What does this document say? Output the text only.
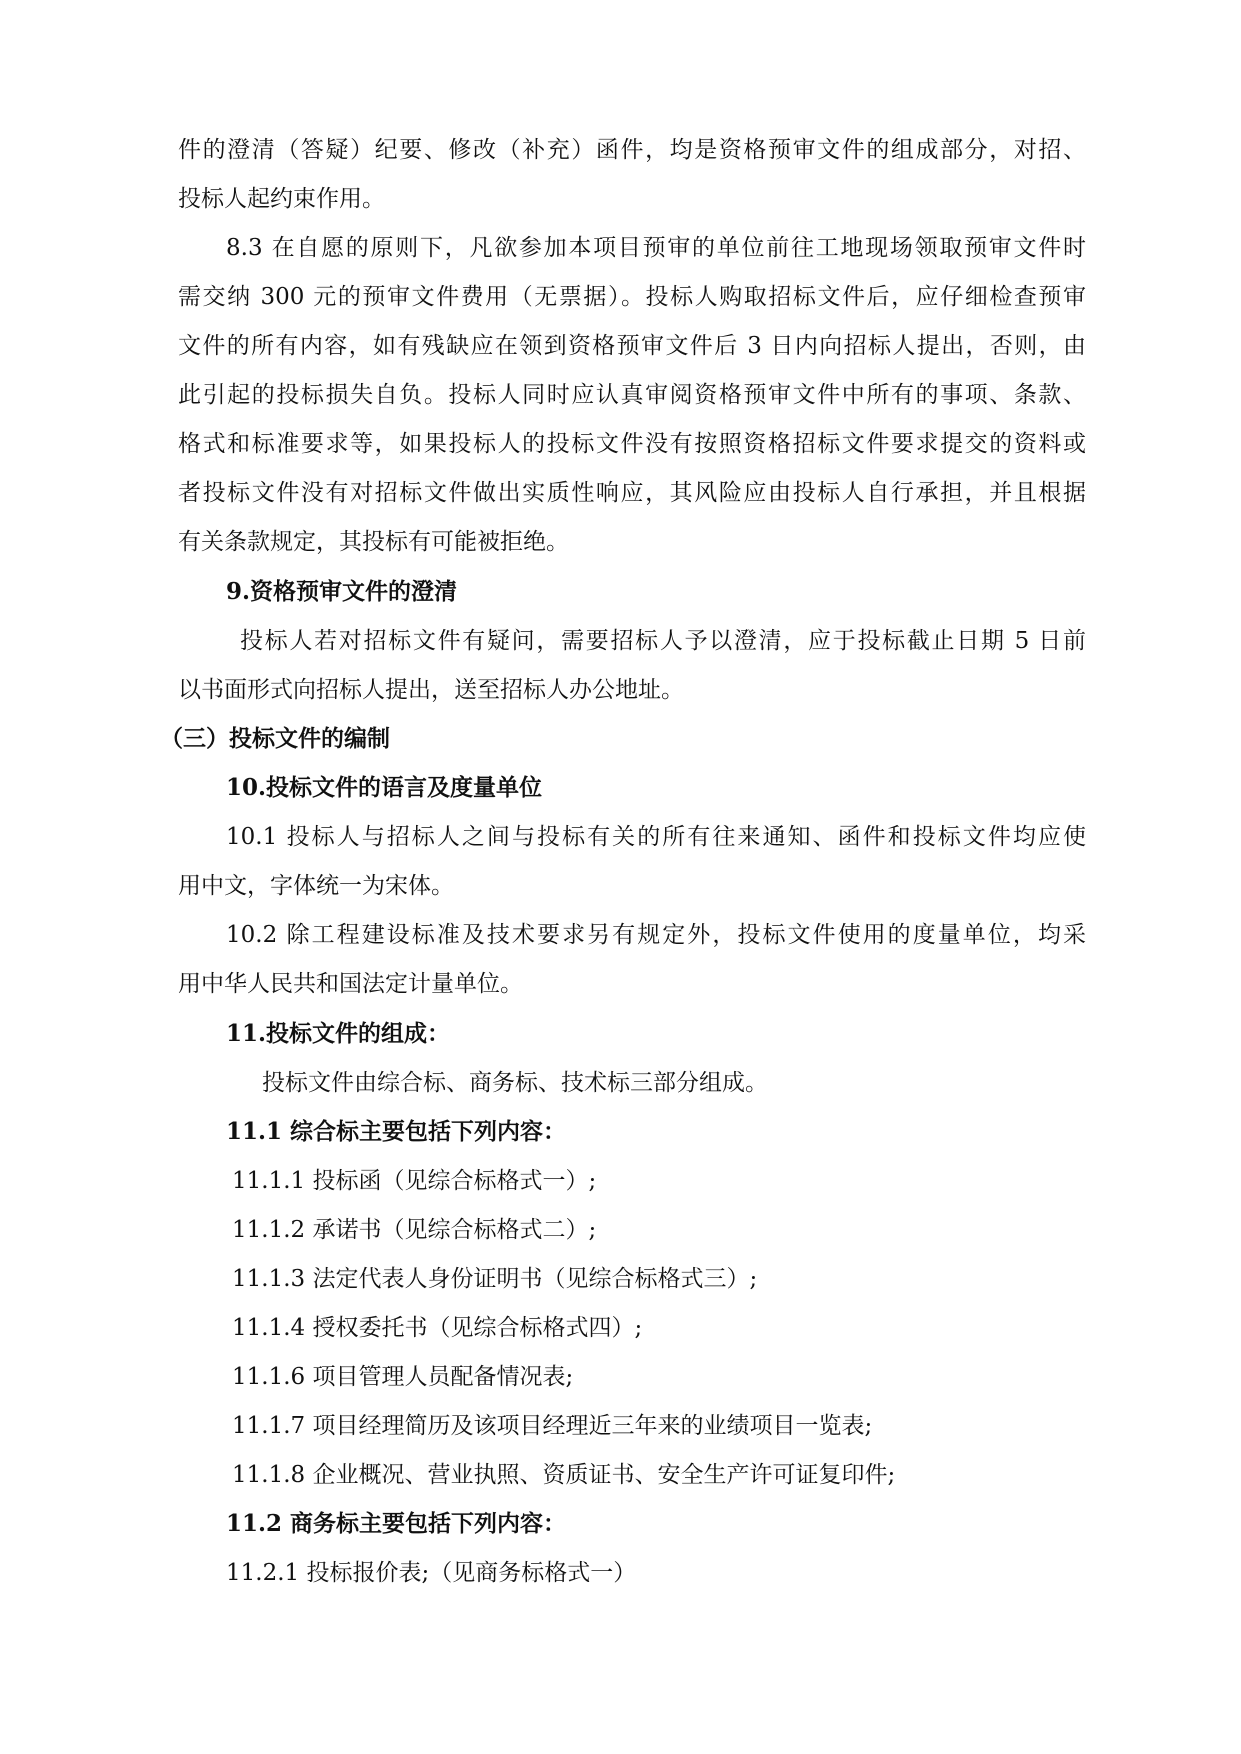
件的澄清（答疑）纪要、修改（补充）函件，均是资格预审文件的组成部分，对招、
投标人起约束作用。
8.3 在自愿的原则下，凡欲参加本项目预审的单位前往工地现场领取预审文件时
需交纳 300 元的预审文件费用（无票据）。投标人购取招标文件后，应仔细检查预审
文件的所有内容，如有残缺应在领到资格预审文件后 3 日内向招标人提出，否则，由
此引起的投标损失自负。投标人同时应认真审阅资格预审文件中所有的事项、条款、
格式和标准要求等，如果投标人的投标文件没有按照资格招标文件要求提交的资料或
者投标文件没有对招标文件做出实质性响应，其风险应由投标人自行承担，并且根据
有关条款规定，其投标有可能被拒绝。
9.资格预审文件的澄清
投标人若对招标文件有疑问，需要招标人予以澄清，应于投标截止日期 5 日前
以书面形式向招标人提出，送至招标人办公地址。
（三）投标文件的编制
10.投标文件的语言及度量单位
10.1 投标人与招标人之间与投标有关的所有往来通知、函件和投标文件均应使
用中文，字体统一为宋体。
10.2 除工程建设标准及技术要求另有规定外，投标文件使用的度量单位，均采
用中华人民共和国法定计量单位。
11.投标文件的组成：
投标文件由综合标、商务标、技术标三部分组成。
11.1 综合标主要包括下列内容：
11.1.1 投标函（见综合标格式一）;
11.1.2 承诺书（见综合标格式二）;
11.1.3 法定代表人身份证明书（见综合标格式三）;
11.1.4 授权委托书（见综合标格式四）;
11.1.6 项目管理人员配备情况表;
11.1.7 项目经理简历及该项目经理近三年来的业绩项目一览表;
11.1.8 企业概况、营业执照、资质证书、安全生产许可证复印件;
11.2 商务标主要包括下列内容：
11.2.1 投标报价表;（见商务标格式一）
